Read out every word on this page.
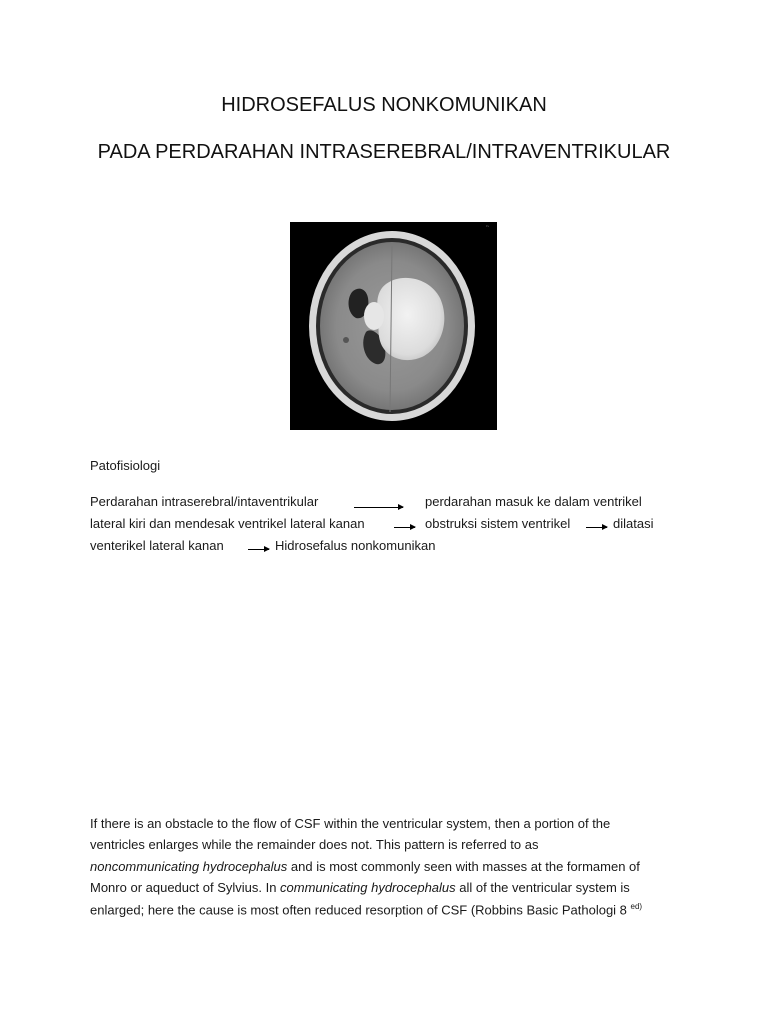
HIDROSEFALUS NONKOMUNIKAN
PADA PERDARAHAN INTRASEREBRAL/INTRAVENTRIKULAR
‵‵
Patofisiologi
Perdarahan intraserebral/intaventrikular	perdarahan masuk ke dalam ventrikel
lateral kiri dan mendesak ventrikel lateral kanan	obstruksi sistem ventrikel	dilatasi
venterikel lateral kanan	Hidrosefalus nonkomunikan
If there is an obstacle to the flow of CSF within the ventricular system, then a portion of the
ventricles enlarges while the remainder does not. This pattern is referred to as
noncommunicating hydrocephalus and is most commonly seen with masses at the formamen of
Monro or aqueduct of Sylvius. In communicating hydrocephalus all of the ventricular system is
enlarged; here the cause is most often reduced resorption of CSF (Robbins Basic Pathologi 8 $^{ed)}$
